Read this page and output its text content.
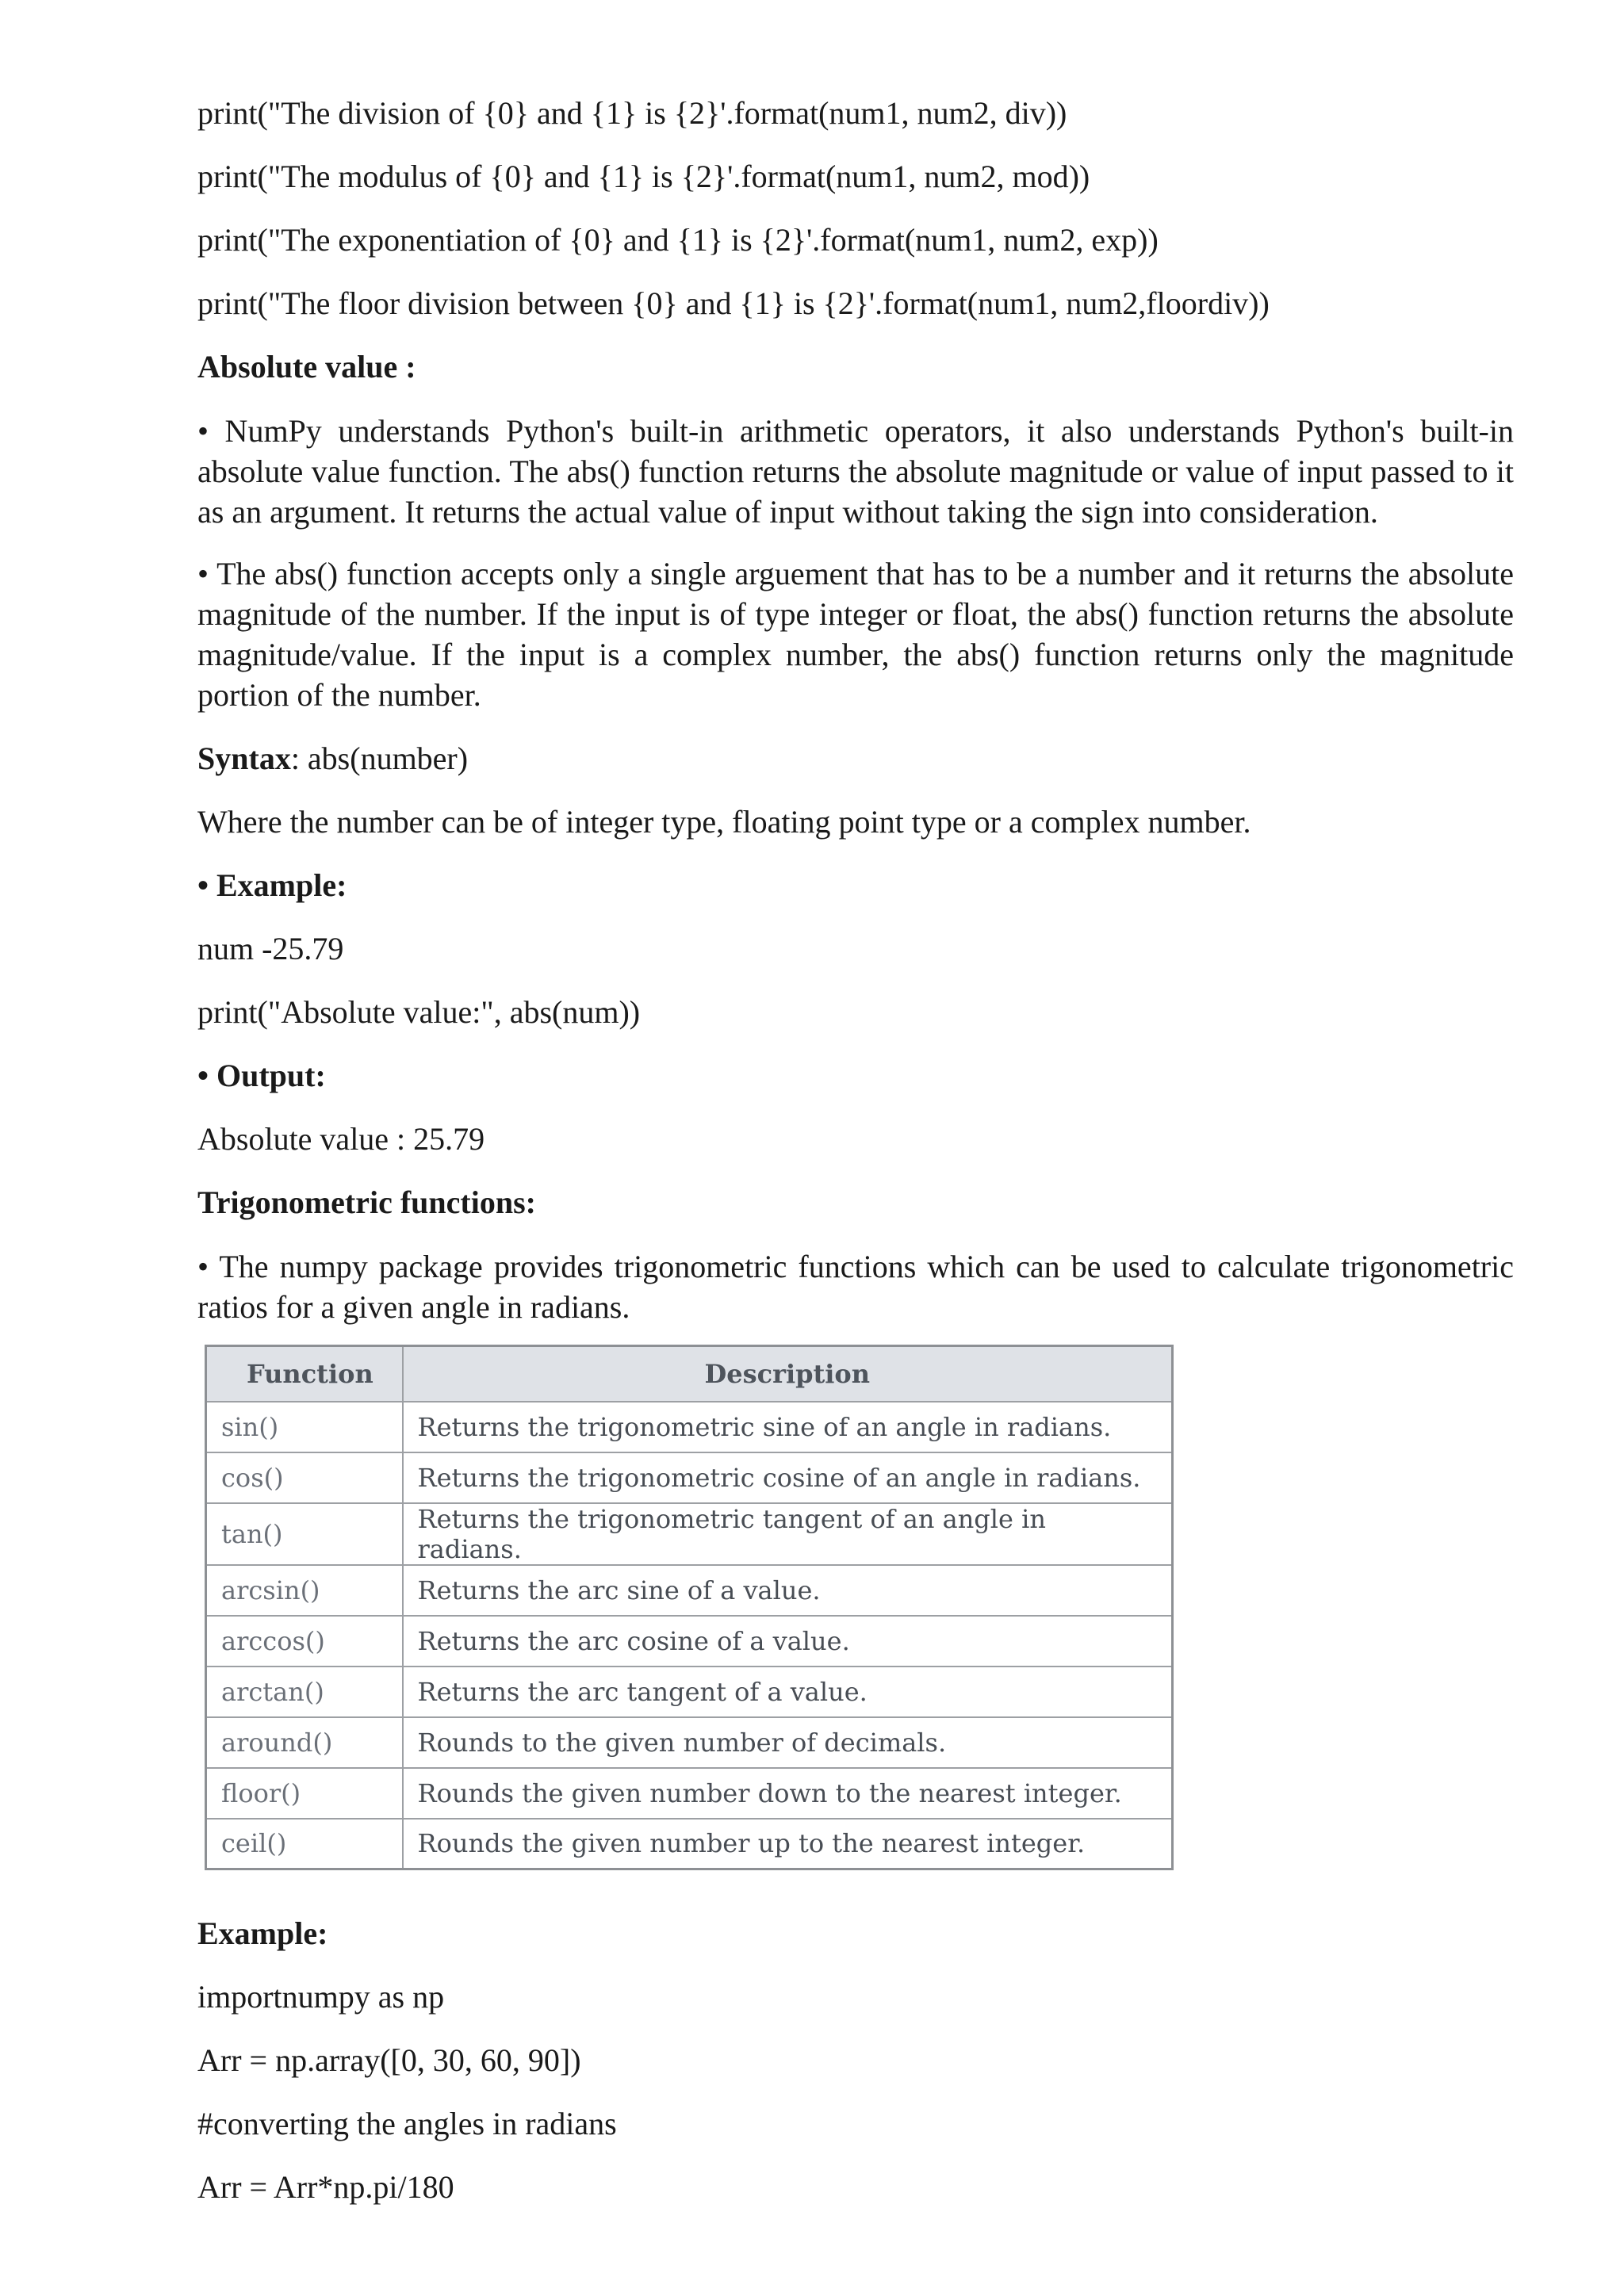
print("The division of {0} and {1} is {2}'.format(num1, num2, div))

print("The modulus of {0} and {1} is {2}'.format(num1, num2, mod))

print("The exponentiation of {0} and {1} is {2}'.format(num1, num2, exp))

print("The floor division between {0} and {1} is {2}'.format(num1, num2,floordiv))

Absolute value :

• NumPy understands Python's built-in arithmetic operators, it also understands Python's built-in absolute value function. The abs() function returns the absolute magnitude or value of input passed to it as an argument. It returns the actual value of input without taking the sign into consideration.

• The abs() function accepts only a single arguement that has to be a number and it returns the absolute magnitude of the number. If the input is of type integer or float, the abs() function returns the absolute magnitude/value. If the input is a complex number, the abs() function returns only the magnitude portion of the number.

Syntax: abs(number)

Where the number can be of integer type, floating point type or a complex number.

• Example:

num -25.79

print("Absolute value:", abs(num))

• Output:

Absolute value : 25.79

Trigonometric functions:

• The numpy package provides trigonometric functions which can be used to calculate trigonometric ratios for a given angle in radians.

Function	Description
sin()	Returns the trigonometric sine of an angle in radians.
cos()	Returns the trigonometric cosine of an angle in radians.
tan()	Returns the trigonometric tangent of an angle in radians.
arcsin()	Returns the arc sine of a value.
arccos()	Returns the arc cosine of a value.
arctan()	Returns the arc tangent of a value.
around()	Rounds to the given number of decimals.
floor()	Rounds the given number down to the nearest integer.
ceil()	Rounds the given number up to the nearest integer.

Example:

importnumpy as np

Arr = np.array([0, 30, 60, 90])

#converting the angles in radians

Arr = Arr*np.pi/180
